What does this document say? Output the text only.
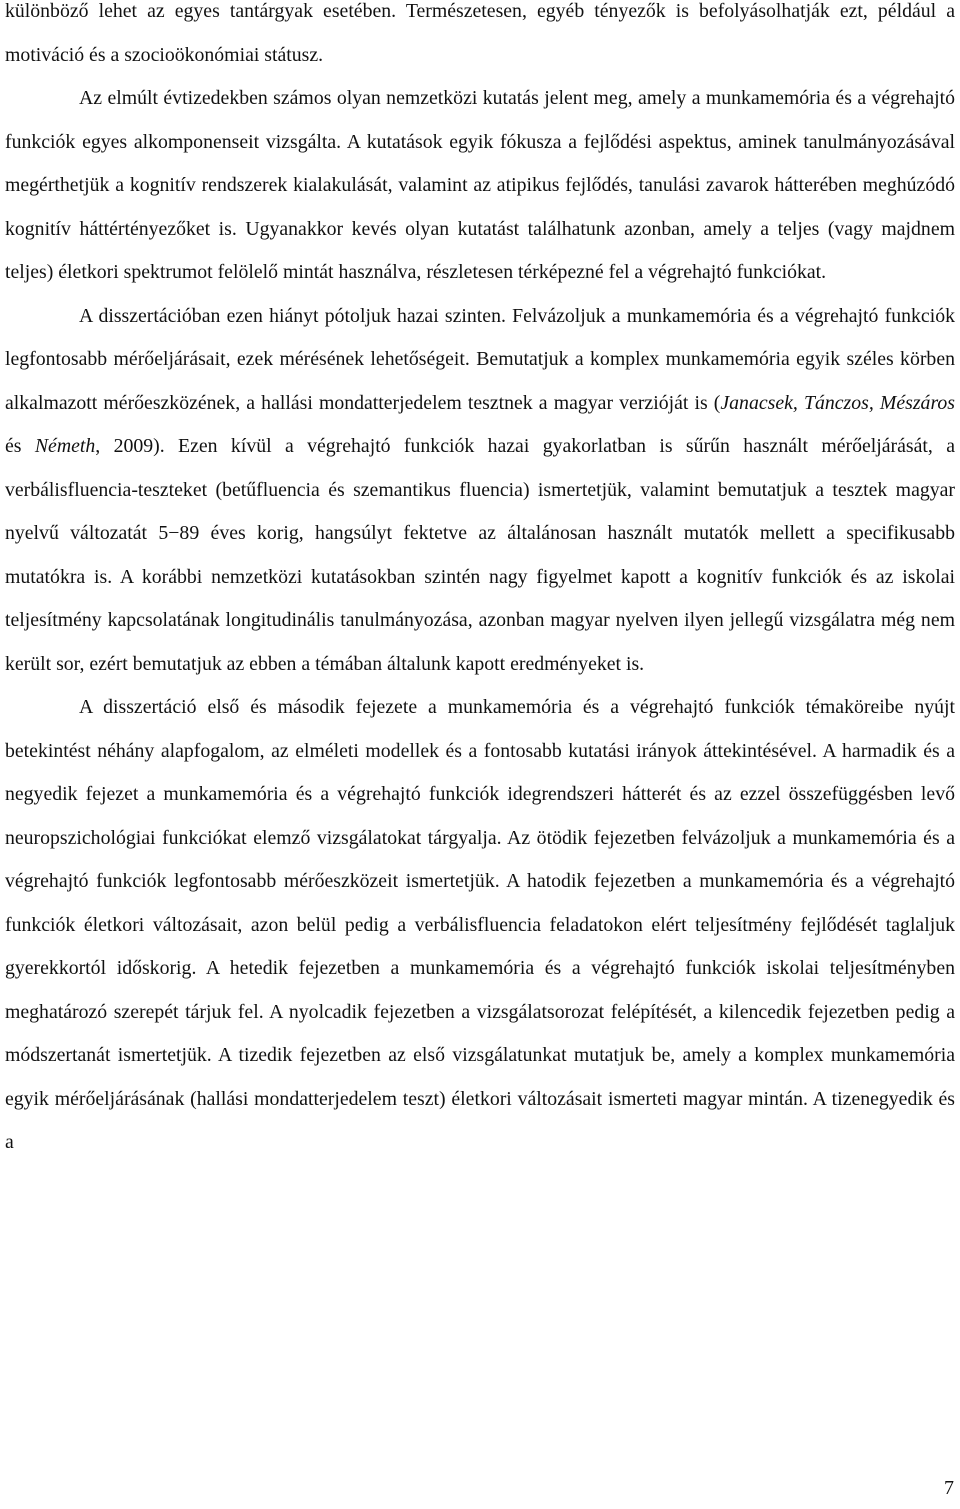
különböző lehet az egyes tantárgyak esetében. Természetesen, egyéb tényezők is befolyásolhatják ezt, például a motiváció és a szocioökonómiai státusz.

Az elmúlt évtizedekben számos olyan nemzetközi kutatás jelent meg, amely a munkamemória és a végrehajtó funkciók egyes alkomponenseit vizsgálta. A kutatások egyik fókusza a fejlődési aspektus, aminek tanulmányozásával megérthetjük a kognitív rendszerek kialakulását, valamint az atipikus fejlődés, tanulási zavarok hátterében meghúzódó kognitív háttértényezőket is. Ugyanakkor kevés olyan kutatást találhatunk azonban, amely a teljes (vagy majdnem teljes) életkori spektrumot felölelő mintát használva, részletesen térképezné fel a végrehajtó funkciókat.

A disszertációban ezen hiányt pótoljuk hazai szinten. Felvázoljuk a munkamemória és a végrehajtó funkciók legfontosabb mérőeljárásait, ezek mérésének lehetőségeit. Bemutatjuk a komplex munkamemória egyik széles körben alkalmazott mérőeszközének, a hallási mondatterjedelem tesztnek a magyar verzióját is (Janacsek, Tánczos, Mészáros és Németh, 2009). Ezen kívül a végrehajtó funkciók hazai gyakorlatban is sűrűn használt mérőeljárását, a verbálisfluencia-teszteket (betűfluencia és szemantikus fluencia) ismertetjük, valamint bemutatjuk a tesztek magyar nyelvű változatát 5−89 éves korig, hangsúlyt fektetve az általánosan használt mutatók mellett a specifikusabb mutatókra is. A korábbi nemzetközi kutatásokban szintén nagy figyelmet kapott a kognitív funkciók és az iskolai teljesítmény kapcsolatának longitudinális tanulmányozása, azonban magyar nyelven ilyen jellegű vizsgálatra még nem került sor, ezért bemutatjuk az ebben a témában általunk kapott eredményeket is.

A disszertáció első és második fejezete a munkamemória és a végrehajtó funkciók témaköreibe nyújt betekintést néhány alapfogalom, az elméleti modellek és a fontosabb kutatási irányok áttekintésével. A harmadik és a negyedik fejezet a munkamemória és a végrehajtó funkciók idegrendszeri hátterét és az ezzel összefüggésben levő neuropszichológiai funkciókat elemző vizsgálatokat tárgyalja. Az ötödik fejezetben felvázoljuk a munkamemória és a végrehajtó funkciók legfontosabb mérőeszközeit ismertetjük. A hatodik fejezetben a munkamemória és a végrehajtó funkciók életkori változásait, azon belül pedig a verbálisfluencia feladatokon elért teljesítmény fejlődését taglaljuk gyerekkortól időskorig. A hetedik fejezetben a munkamemória és a végrehajtó funkciók iskolai teljesítményben meghatározó szerepét tárjuk fel. A nyolcadik fejezetben a vizsgálatsorozat felépítését, a kilencedik fejezetben pedig a módszertanát ismertetjük. A tizedik fejezetben az első vizsgálatunkat mutatjuk be, amely a komplex munkamemória egyik mérőeljárásának (hallási mondatterjedelem teszt) életkori változásait ismerteti magyar mintán. A tizenegyedik és a

7
